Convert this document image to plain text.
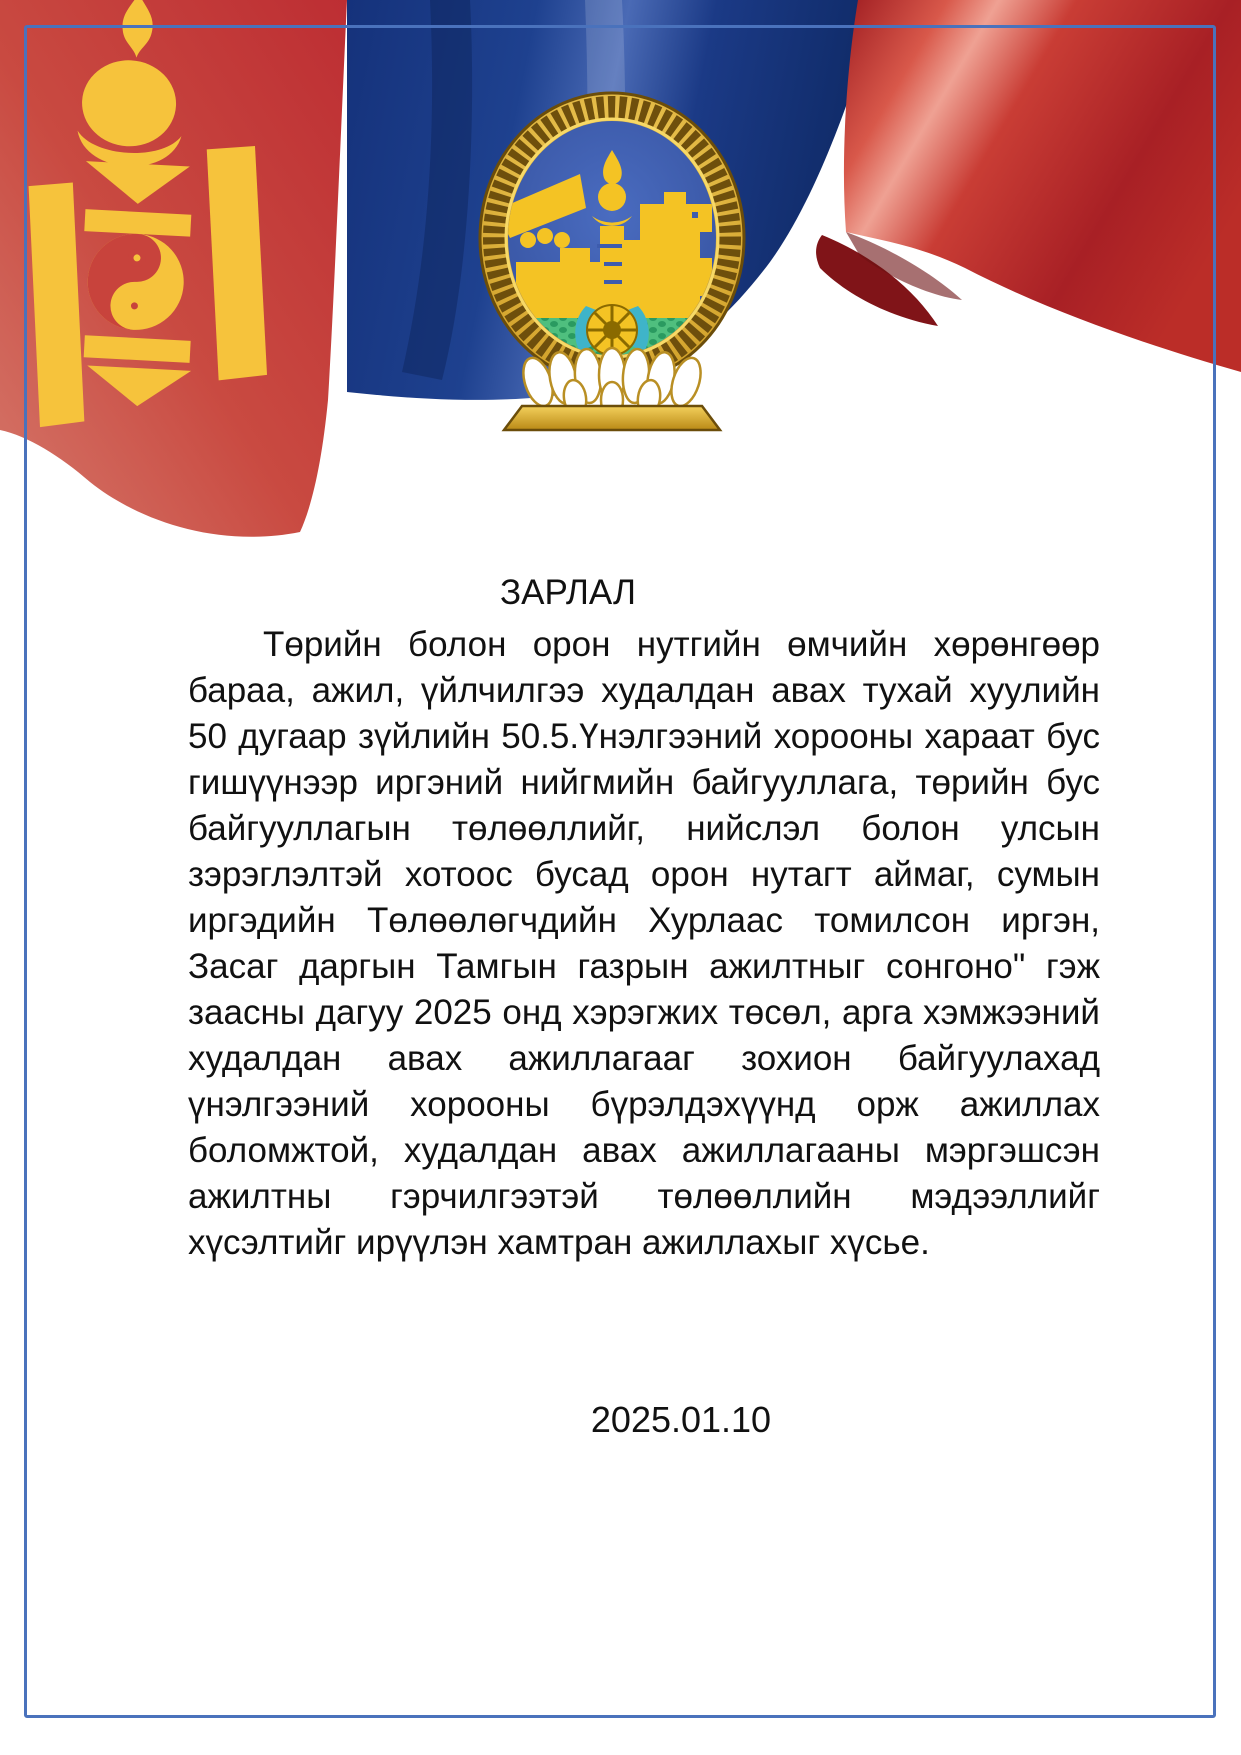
ЗАРЛАЛ

Төрийн болон орон нутгийн өмчийн хөрөнгөөр бараа, ажил, үйлчилгээ худалдан авах тухай хуулийн 50 дугаар зүйлийн 50.5.Үнэлгээний хорооны хараат бус гишүүнээр иргэний нийгмийн байгууллага, төрийн бус байгууллагын төлөөллийг, нийслэл болон улсын зэрэглэлтэй хотоос бусад орон нутагт аймаг, сумын иргэдийн Төлөөлөгчдийн Хурлаас томилсон иргэн, Засаг даргын Тамгын газрын ажилтныг сонгоно" гэж заасны дагуу 2025 онд хэрэгжих төсөл, арга хэмжээний худалдан авах ажиллагааг зохион байгуулахад үнэлгээний хорооны бүрэлдэхүүнд орж ажиллах боломжтой, худалдан авах ажиллагааны мэргэшсэн ажилтны гэрчилгээтэй төлөөллийн мэдээллийг хүсэлтийг ирүүлэн хамтран ажиллахыг хүсье.

2025.01.10
